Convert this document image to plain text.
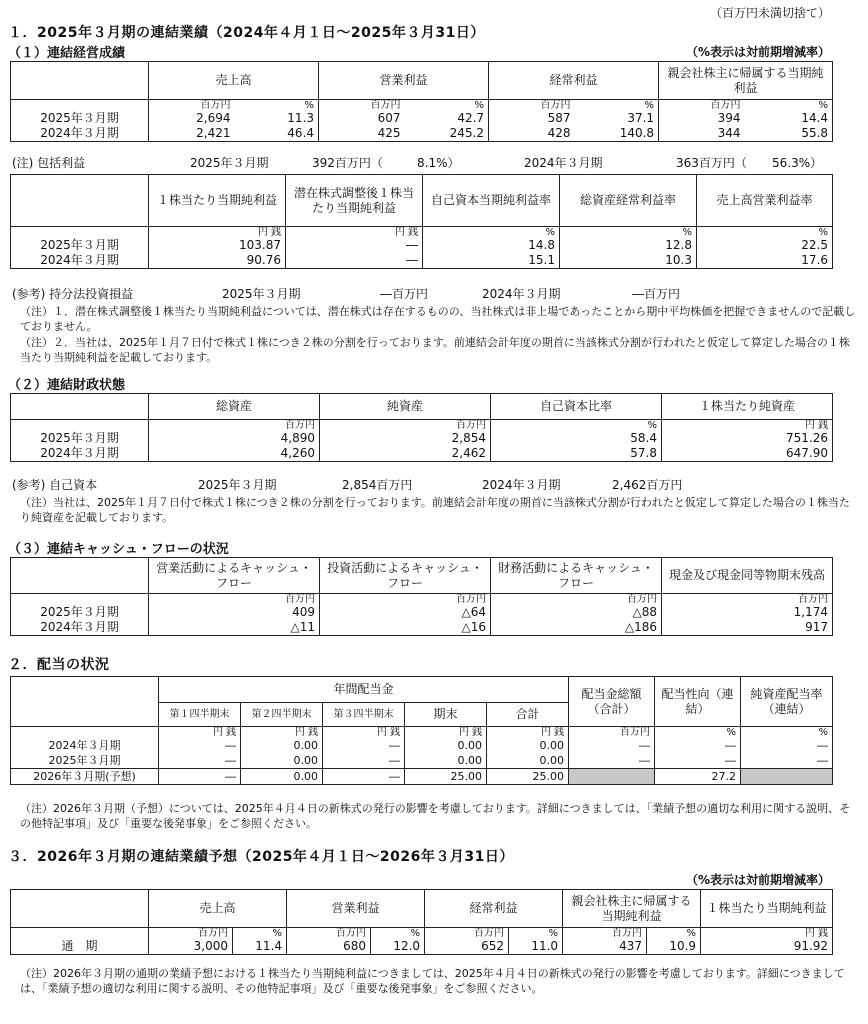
（百万円未満切捨て）
１．2025年３月期の連結業績（2024年４月１日～2025年３月31日）
（１）連結経営成績	（%表示は対前期増減率）
	売上高		営業利益		経常利益		親会社株主に帰属する当期純利益	
	百万円	%	百万円	%	百万円	%	百万円	%
2025年３月期	2,694	11.3	607	42.7	587	37.1	394	14.4
2024年３月期	2,421	46.4	425	245.2	428	140.8	344	55.8
(注) 包括利益	2025年３月期	392百万円（	8.1%）	2024年３月期	363百万円（ 56.3%）
	１株当たり当期純利益	潜在株式調整後１株当たり当期純利益	自己資本当期純利益率	総資産経常利益率	売上高営業利益率
	円 銭	円 銭	%	%	%
2025年３月期	103.87	―	14.8	12.8	22.5
2024年３月期	90.76	―	15.1	10.3	17.6
(参考) 持分法投資損益	2025年３月期	―百万円	2024年３月期	―百万円
（注）１．潜在株式調整後１株当たり当期純利益については、潜在株式は存在するものの、当社株式は非上場であったことから期中平均株価を把握できませんので記載しておりません。
（注）２．当社は、2025年１月７日付で株式１株につき２株の分割を行っております。前連結会計年度の期首に当該株式分割が行われたと仮定して算定した場合の１株当たり当期純利益を記載しております。
（２）連結財政状態
	総資産	純資産	自己資本比率	１株当たり純資産
	百万円	百万円	%	円 銭
2025年３月期	4,890	2,854	58.4	751.26
2024年３月期	4,260	2,462	57.8	647.90
(参考) 自己資本	2025年３月期	2,854百万円	2024年３月期	2,462百万円
（注）当社は、2025年１月７日付で株式１株につき２株の分割を行っております。前連結会計年度の期首に当該株式分割が行われたと仮定して算定した場合の１株当たり純資産を記載しております。
（３）連結キャッシュ・フローの状況
	営業活動によるキャッシュ・フロー	投資活動によるキャッシュ・フロー	財務活動によるキャッシュ・フロー	現金及び現金同等物期末残高
	百万円	百万円	百万円	百万円
2025年３月期	409	△64	△88	1,174
2024年３月期	△11	△16	△186	917
２．配当の状況
	年間配当金					配当金総額（合計）	配当性向（連結）	純資産配当率（連結）
	第１四半期末	第２四半期末	第３四半期末	期末	合計			
	円 銭	円 銭	円 銭	円 銭	円 銭	百万円	%	%
2024年３月期	―	0.00	―	0.00	0.00	―	―	―
2025年３月期	―	0.00	―	0.00	0.00	―	―	―
2026年３月期(予想)	―	0.00	―	25.00	25.00		27.2	
（注）2026年３月期（予想）については、2025年４月４日の新株式の発行の影響を考慮しております。詳細につきましては、「業績予想の適切な利用に関する説明、その他特記事項」及び「重要な後発事象」をご参照ください。
３．2026年３月期の連結業績予想（2025年４月１日～2026年３月31日）
（%表示は対前期増減率）
	売上高		営業利益		経常利益		親会社株主に帰属する当期純利益		１株当たり当期純利益
	百万円	%	百万円	%	百万円	%	百万円	%	円 銭
通　期	3,000	11.4	680	12.0	652	11.0	437	10.9	91.92
（注）2026年３月期の通期の業績予想における１株当たり当期純利益につきましては、2025年４月４日の新株式の発行の影響を考慮しております。詳細につきましては、「業績予想の適切な利用に関する説明、その他特記事項」及び「重要な後発事象」をご参照ください。
